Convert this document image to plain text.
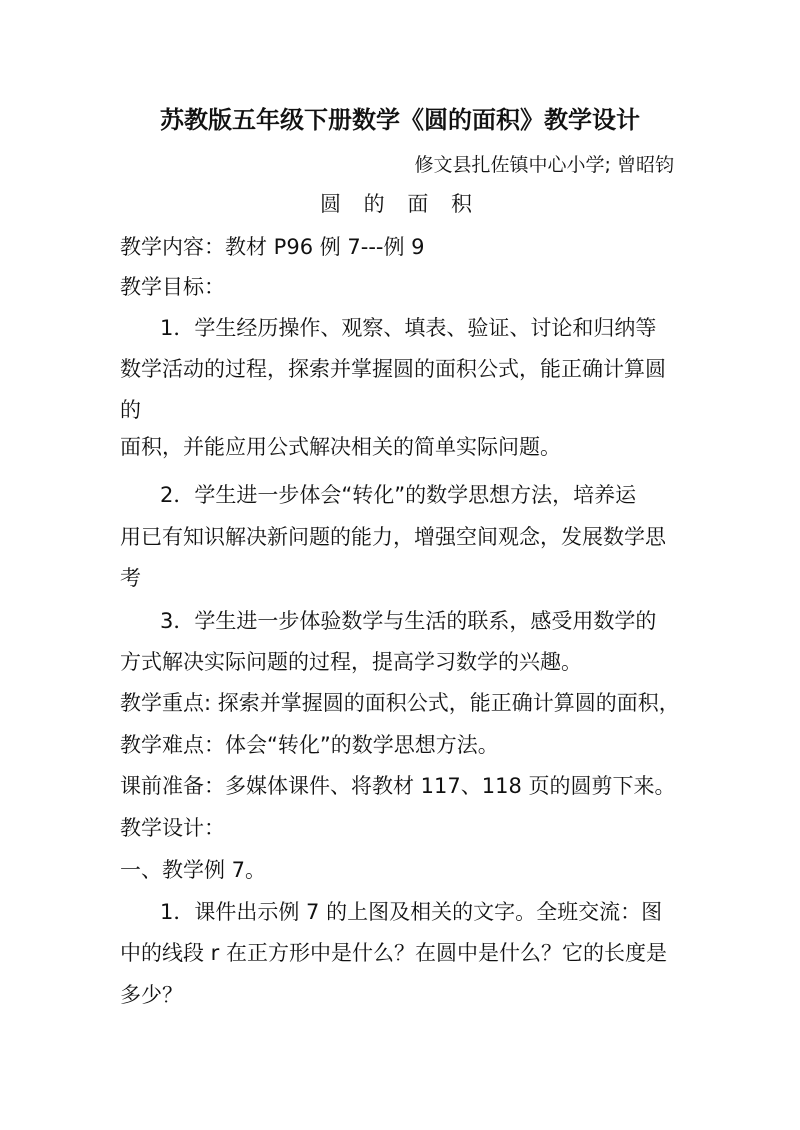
苏教版五年级下册数学《圆的面积》教学设计
修文县扎佐镇中心小学; 曾昭钧
圆 的 面 积
教学内容：教材 P96 例 7---例 9
教学目标：
1．学生经历操作、观察、填表、验证、讨论和归纳等
数学活动的过程，探索并掌握圆的面积公式，能正确计算圆
的
面积，并能应用公式解决相关的简单实际问题。
2．学生进一步体会“转化”的数学思想方法，培养运
用已有知识解决新问题的能力，增强空间观念，发展数学思
考
3．学生进一步体验数学与生活的联系，感受用数学的
方式解决实际问题的过程，提高学习数学的兴趣。
教学重点: 探索并掌握圆的面积公式，能正确计算圆的面积，
教学难点：体会“转化”的数学思想方法。
课前准备：多媒体课件、将教材 117、118 页的圆剪下来。
教学设计：
一、教学例 7。
1．课件出示例 7 的上图及相关的文字。全班交流：图
中的线段 r 在正方形中是什么？在圆中是什么？它的长度是
多少？
